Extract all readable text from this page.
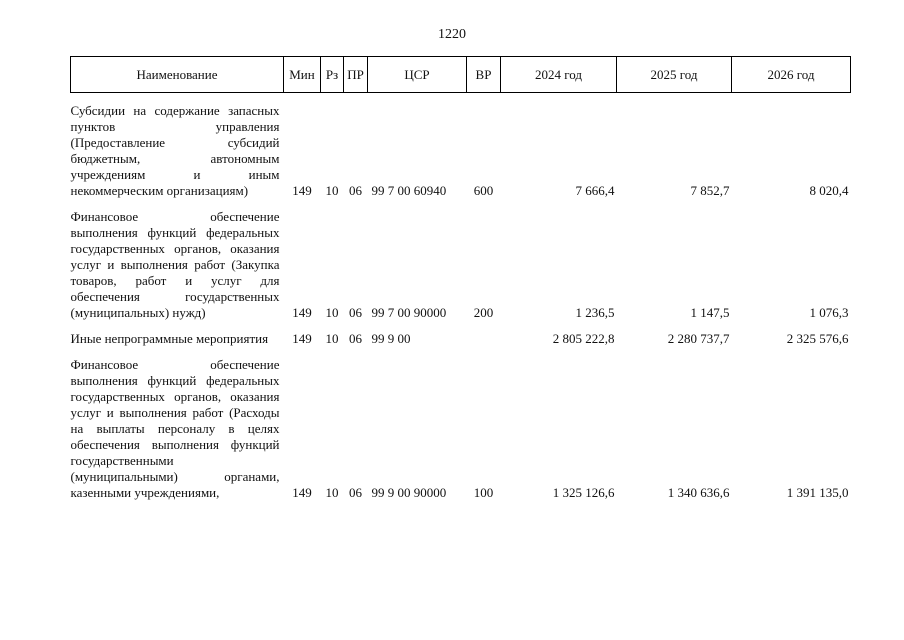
1220
Наименование	Мин	Рз	ПР	ЦСР	ВР	2024 год	2025 год	2026 год
Субсидии на содержание запасных пунктов управления (Предоставление субсидий бюджетным, автономным учреждениям и иным некоммерческим организациям)	149	10	06	99 7 00 60940	600	7 666,4	7 852,7	8 020,4
Финансовое обеспечение выполнения функций федеральных государственных органов, оказания услуг и выполнения работ (Закупка товаров, работ и услуг для обеспечения государственных (муниципальных) нужд)	149	10	06	99 7 00 90000	200	1 236,5	1 147,5	1 076,3
Иные непрограммные мероприятия	149	10	06	99 9 00		2 805 222,8	2 280 737,7	2 325 576,6
Финансовое обеспечение выполнения функций федеральных государственных органов, оказания услуг и выполнения работ (Расходы на выплаты персоналу в целях обеспечения выполнения функций государственными (муниципальными) органами, казенными учреждениями,	149	10	06	99 9 00 90000	100	1 325 126,6	1 340 636,6	1 391 135,0
